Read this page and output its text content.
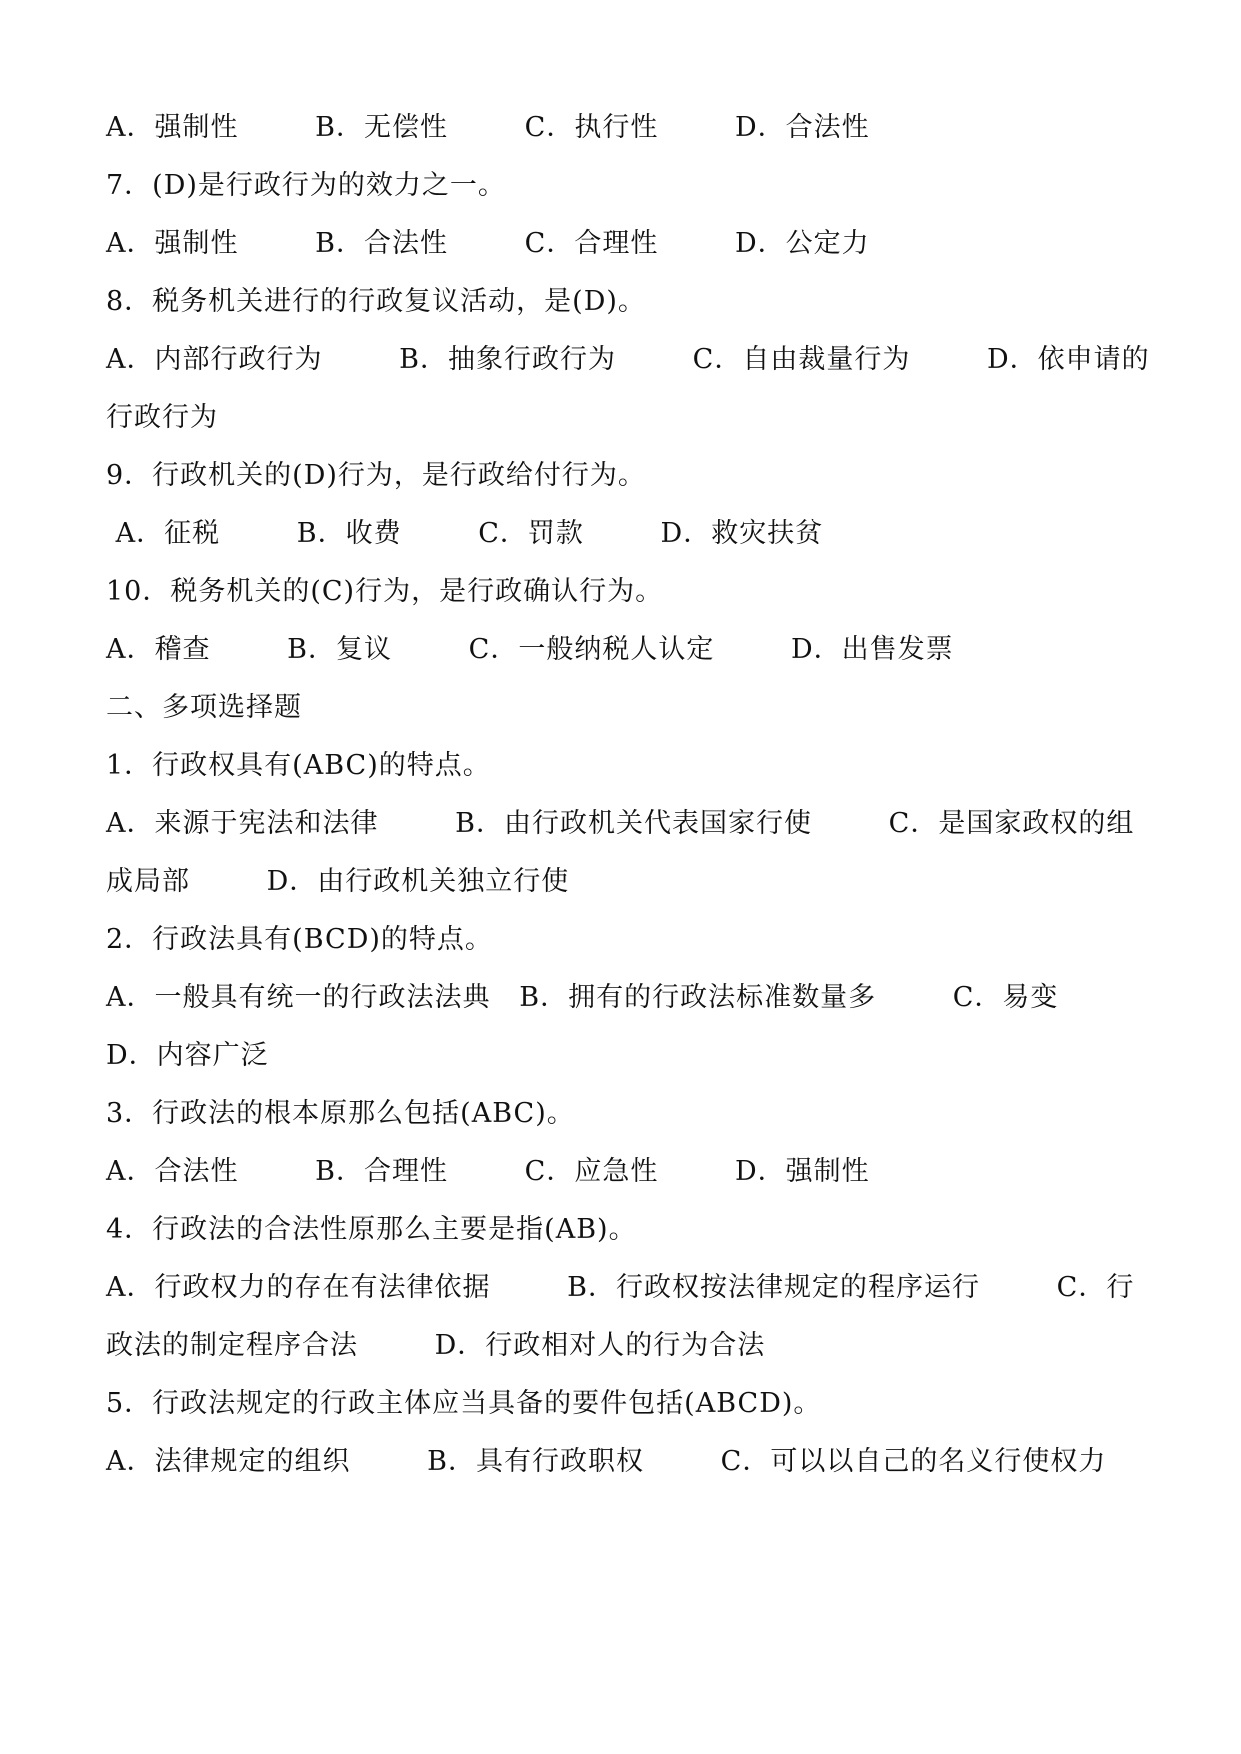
A．强制性        B．无偿性        C．执行性        D．合法性
7．(D)是行政行为的效力之一。
A．强制性        B．合法性        C．合理性        D．公定力
8．税务机关进行的行政复议活动，是(D)。
A．内部行政行为        B．抽象行政行为        C．自由裁量行为        D．依申请的
行政行为
9．行政机关的(D)行为，是行政给付行为。
A．征税        B．收费        C．罚款        D．救灾扶贫
10．税务机关的(C)行为，是行政确认行为。
A．稽查        B．复议        C．一般纳税人认定        D．出售发票
二、多项选择题
1．行政权具有(ABC)的特点。
A．来源于宪法和法律        B．由行政机关代表国家行使        C．是国家政权的组
成局部        D．由行政机关独立行使
2．行政法具有(BCD)的特点。
A．一般具有统一的行政法法典   B．拥有的行政法标准数量多        C．易变
D．内容广泛
3．行政法的根本原那么包括(ABC)。
A．合法性        B．合理性        C．应急性        D．强制性
4．行政法的合法性原那么主要是指(AB)。
A．行政权力的存在有法律依据        B．行政权按法律规定的程序运行        C．行
政法的制定程序合法        D．行政相对人的行为合法
5．行政法规定的行政主体应当具备的要件包括(ABCD)。
A．法律规定的组织        B．具有行政职权        C．可以以自己的名义行使权力
